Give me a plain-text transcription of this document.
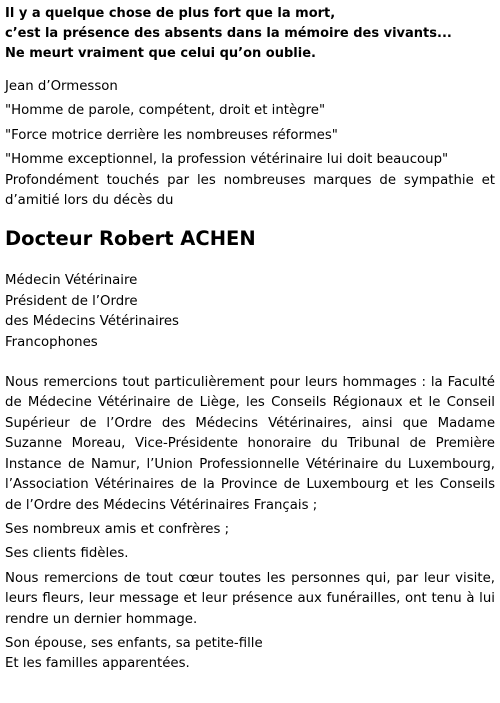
Il y a quelque chose de plus fort que la mort,
c’est la présence des absents dans la mémoire des vivants...
Ne meurt vraiment que celui qu’on oublie.
Jean d’Ormesson
"Homme de parole, compétent, droit et intègre"
"Force motrice derrière les nombreuses réformes"
"Homme exceptionnel, la profession vétérinaire lui doit beaucoup"
Profondément touchés par les nombreuses marques de sympathie et d’amitié lors du décès du
Docteur Robert ACHEN
Médecin Vétérinaire
Président de l’Ordre
des Médecins Vétérinaires
Francophones
Nous remercions tout particulièrement pour leurs hommages : la Faculté de Médecine Vétérinaire de Liège, les Conseils Régionaux et le Conseil Supérieur de l’Ordre des Médecins Vétérinaires, ainsi que Madame Suzanne Moreau, Vice-Présidente honoraire du Tribunal de Première Instance de Namur, l’Union Professionnelle Vétérinaire du Luxembourg, l’Association Vétérinaires de la Province de Luxembourg et les Conseils de l’Ordre des Médecins Vétérinaires Français ;
Ses nombreux amis et confrères ;
Ses clients fidèles.
Nous remercions de tout cœur toutes les personnes qui, par leur visite, leurs fleurs, leur message et leur présence aux funérailles, ont tenu à lui rendre un dernier hommage.
Son épouse, ses enfants, sa petite-fille
Et les familles apparentées.
